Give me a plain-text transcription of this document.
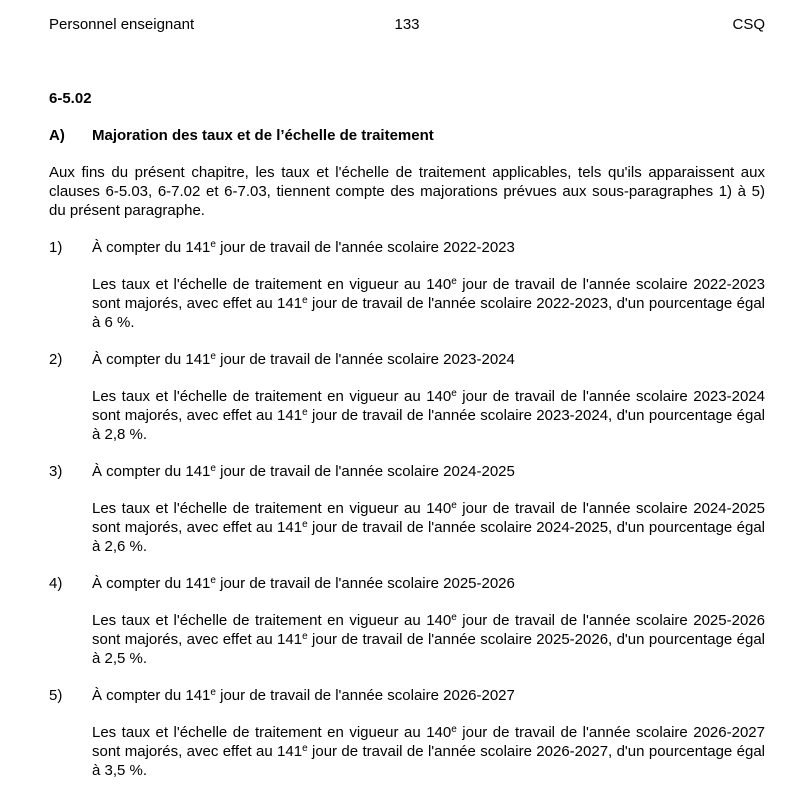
Personnel enseignant	133	CSQ
6-5.02
A)	Majoration des taux et de l’échelle de traitement

Aux fins du présent chapitre, les taux et l'échelle de traitement applicables, tels qu'ils apparaissent aux clauses 6-5.03, 6-7.02 et 6-7.03, tiennent compte des majorations prévues aux sous-paragraphes 1) à 5) du présent paragraphe.

1)	À compter du 141e jour de travail de l'année scolaire 2022-2023
Les taux et l'échelle de traitement en vigueur au 140e jour de travail de l'année scolaire 2022-2023 sont majorés, avec effet au 141e jour de travail de l'année scolaire 2022-2023, d'un pourcentage égal à 6 %.
2)	À compter du 141e jour de travail de l'année scolaire 2023-2024
Les taux et l'échelle de traitement en vigueur au 140e jour de travail de l'année scolaire 2023-2024 sont majorés, avec effet au 141e jour de travail de l'année scolaire 2023-2024, d'un pourcentage égal à 2,8 %.
3)	À compter du 141e jour de travail de l'année scolaire 2024-2025
Les taux et l'échelle de traitement en vigueur au 140e jour de travail de l'année scolaire 2024-2025 sont majorés, avec effet au 141e jour de travail de l'année scolaire 2024-2025, d'un pourcentage égal à 2,6 %.
4)	À compter du 141e jour de travail de l'année scolaire 2025-2026
Les taux et l'échelle de traitement en vigueur au 140e jour de travail de l'année scolaire 2025-2026 sont majorés, avec effet au 141e jour de travail de l'année scolaire 2025-2026, d'un pourcentage égal à 2,5 %.
5)	À compter du 141e jour de travail de l'année scolaire 2026-2027
Les taux et l'échelle de traitement en vigueur au 140e jour de travail de l'année scolaire 2026-2027 sont majorés, avec effet au 141e jour de travail de l'année scolaire 2026-2027, d'un pourcentage égal à 3,5 %.
